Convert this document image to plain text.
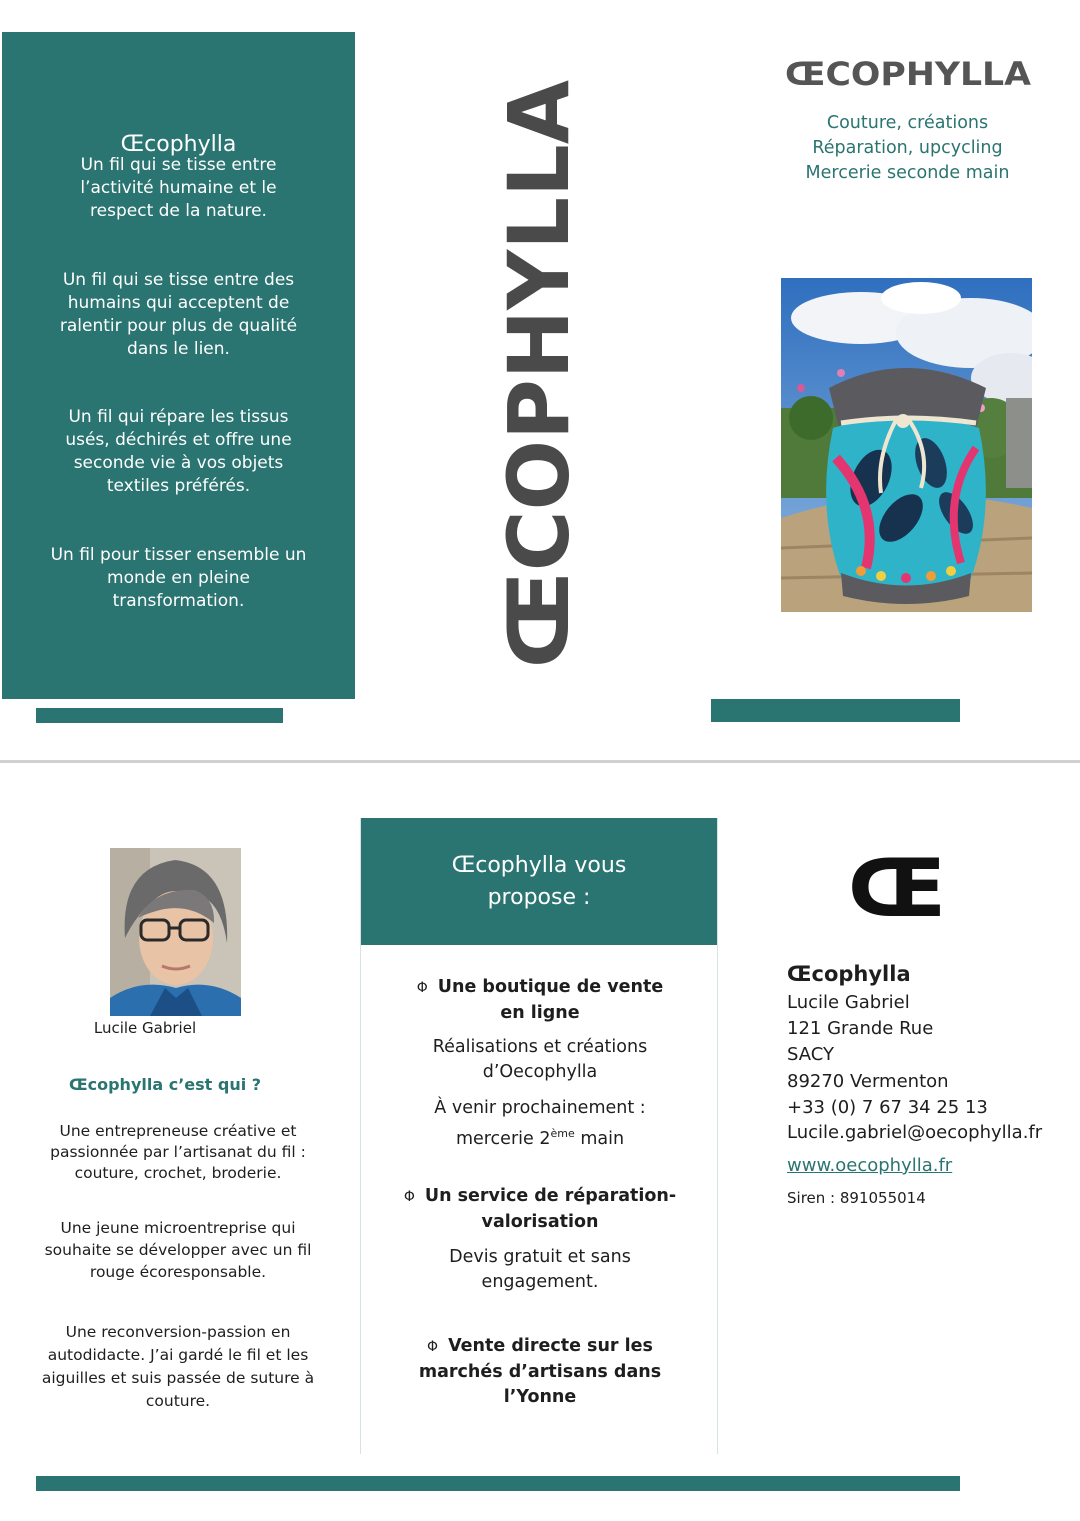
Œcophylla
Un fil qui se tisse entre
l’activité humaine et le
respect de la nature.
Un fil qui se tisse entre des
humains qui acceptent de
ralentir pour plus de qualité
dans le lien.
Un fil qui répare les tissus
usés, déchirés et offre une
seconde vie à vos objets
textiles préférés.
Un fil pour tisser ensemble un
monde en pleine
transformation.	ŒCOPHYLLA	ŒCOPHYLLA
Couture, créations
Réparation, upcycling
Mercerie seconde main
Lucile Gabriel
Œcophylla c’est qui ?
Une entrepreneuse créative et
passionnée par l’artisanat du fil :
couture, crochet, broderie.
Une jeune microentreprise qui
souhaite se développer avec un fil
rouge écoresponsable.
Une reconversion-passion en
autodidacte. J’ai gardé le fil et les
aiguilles et suis passée de suture à
couture.
Œcophylla vous
propose :
Φ Une boutique de vente
en ligne
Réalisations et créations
d’Oecophylla
À venir prochainement :
mercerie 2ème main
Φ Un service de réparation-
valorisation
Devis gratuit et sans
engagement.
Φ Vente directe sur les
marchés d’artisans dans
l’Yonne
Œ
Œcophylla
Lucile Gabriel
121 Grande Rue
SACY
89270 Vermenton
+33 (0) 7 67 34 25 13
Lucile.gabriel@oecophylla.fr
www.oecophylla.fr
Siren : 891055014
